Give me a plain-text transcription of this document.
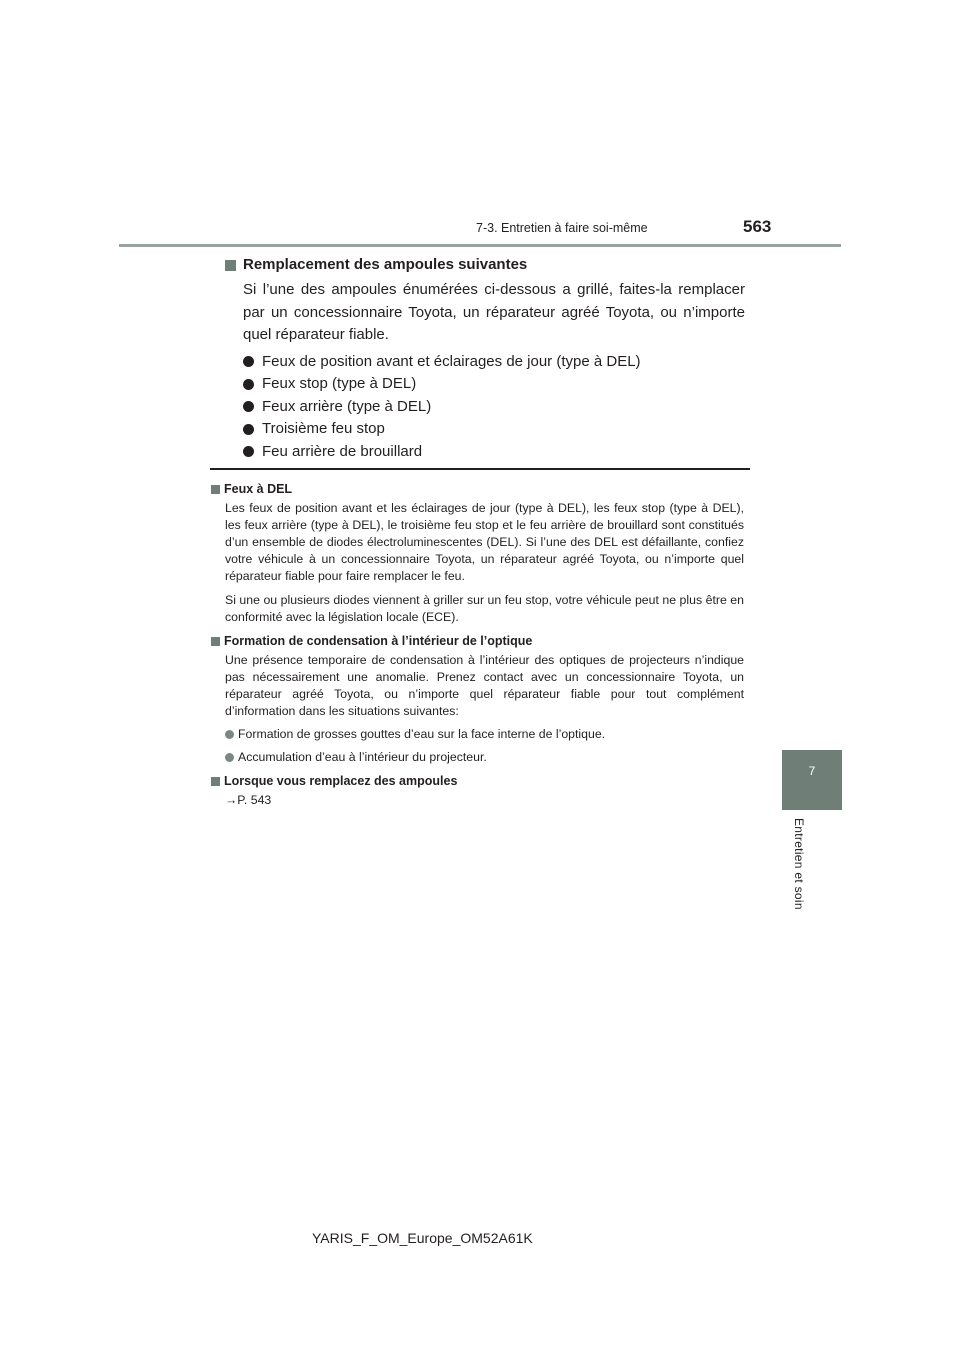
7-3. Entretien à faire soi-même	563
7
Entretien et soin
Remplacement des ampoules suivantes

Si l’une des ampoules énumérées ci-dessous a grillé, faites-la remplacer par un concessionnaire Toyota, un réparateur agréé Toyota, ou n’importe quel réparateur fiable.

Feux de position avant et éclairages de jour (type à DEL)
Feux stop (type à DEL)
Feux arrière (type à DEL)
Troisième feu stop
Feu arrière de brouillard
Feux à DEL

Les feux de position avant et les éclairages de jour (type à DEL), les feux stop (type à DEL), les feux arrière (type à DEL), le troisième feu stop et le feu arrière de brouillard sont constitués d’un ensemble de diodes électroluminescentes (DEL). Si l’une des DEL est défaillante, confiez votre véhicule à un concessionnaire Toyota, un réparateur agréé Toyota, ou n’importe quel réparateur fiable pour faire remplacer le feu.

Si une ou plusieurs diodes viennent à griller sur un feu stop, votre véhicule peut ne plus être en conformité avec la législation locale (ECE).

Formation de condensation à l’intérieur de l’optique

Une présence temporaire de condensation à l’intérieur des optiques de projecteurs n’indique pas nécessairement une anomalie. Prenez contact avec un concessionnaire Toyota, un réparateur agréé Toyota, ou n’importe quel réparateur fiable pour tout complément d’information dans les situations suivantes:

Formation de grosses gouttes d’eau sur la face interne de l’optique.
Accumulation d’eau à l’intérieur du projecteur.
Lorsque vous remplacez des ampoules
→P. 543
YARIS_F_OM_Europe_OM52A61K
